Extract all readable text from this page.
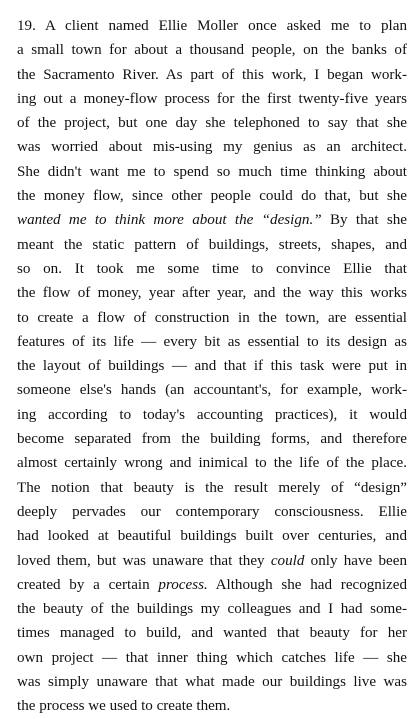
19. A client named Ellie Moller once asked me to plan
a small town for about a thousand people, on the banks of
the Sacramento River. As part of this work, I began work-
ing out a money-flow process for the first twenty-five years
of the project, but one day she telephoned to say that she
was worried about mis-using my genius as an architect.
She didn't want me to spend so much time thinking about
the money flow, since other people could do that, but she
wanted me to think more about the “design.” By that she
meant the static pattern of buildings, streets, shapes, and
so on. It took me some time to convince Ellie that
the flow of money, year after year, and the way this works
to create a flow of construction in the town, are essential
features of its life — every bit as essential to its design as
the layout of buildings — and that if this task were put in
someone else's hands (an accountant's, for example, work-
ing according to today's accounting practices), it would
become separated from the building forms, and therefore
almost certainly wrong and inimical to the life of the place.
The notion that beauty is the result merely of “design”
deeply pervades our contemporary consciousness. Ellie
had looked at beautiful buildings built over centuries, and
loved them, but was unaware that they could only have been
created by a certain process. Although she had recognized
the beauty of the buildings my colleagues and I had some-
times managed to build, and wanted that beauty for her
own project — that inner thing which catches life — she
was simply unaware that what made our buildings live was
the process we used to create them.
